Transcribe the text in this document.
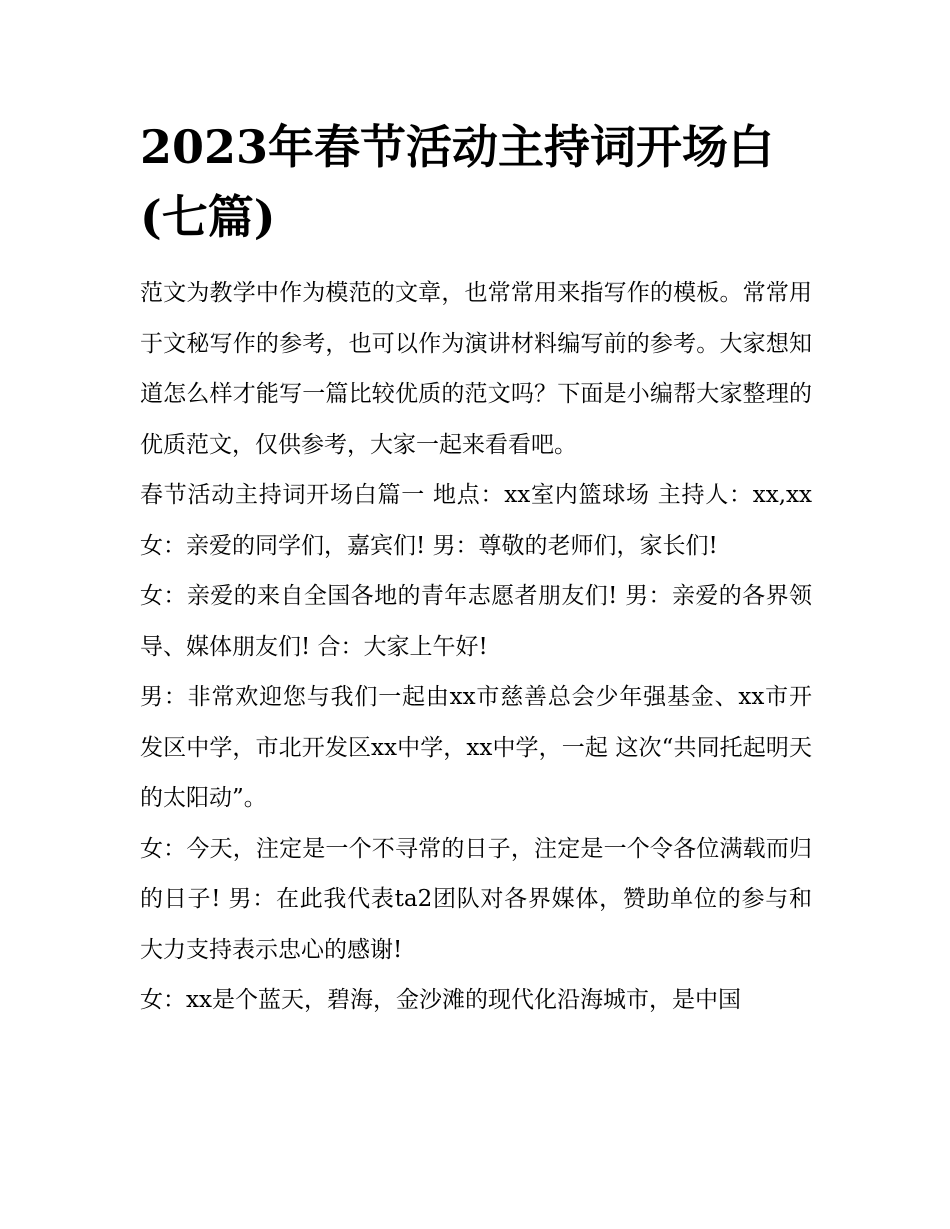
2023年春节活动主持词开场白(七篇)

范文为教学中作为模范的文章，也常常用来指写作的模板。常常用于文秘写作的参考，也可以作为演讲材料编写前的参考。大家想知道怎么样才能写一篇比较优质的范文吗？下面是小编帮大家整理的优质范文，仅供参考，大家一起来看看吧。

春节活动主持词开场白篇一 地点：xx室内篮球场 主持人：xx,xx 女：亲爱的同学们，嘉宾们! 男：尊敬的老师们，家长们!

女：亲爱的来自全国各地的青年志愿者朋友们! 男：亲爱的各界领导、媒体朋友们! 合：大家上午好!

男：非常欢迎您与我们一起由xx市慈善总会少年强基金、xx市开发区中学，市北开发区xx中学，xx中学，一起 这次“共同托起明天的太阳动”。

女：今天，注定是一个不寻常的日子，注定是一个令各位满载而归的日子! 男：在此我代表ta2团队对各界媒体，赞助单位的参与和大力支持表示忠心的感谢!

女：xx是个蓝天，碧海，金沙滩的现代化沿海城市，是中国
